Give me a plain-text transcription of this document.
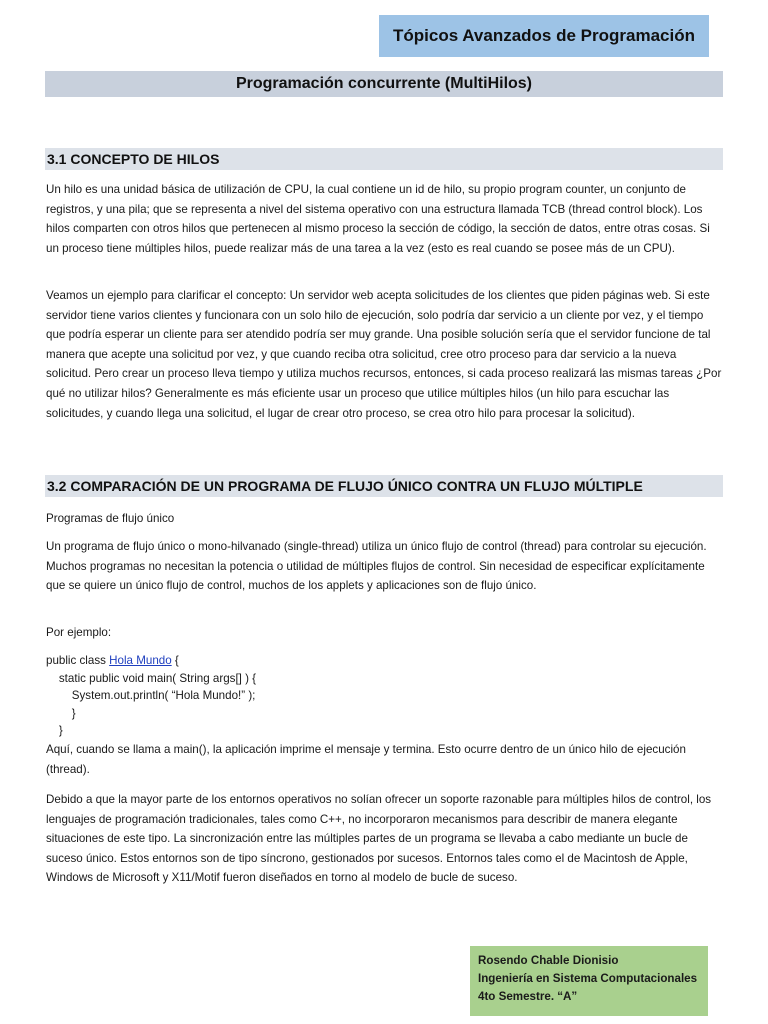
Tópicos Avanzados de Programación
Programación concurrente (MultiHilos)
3.1 CONCEPTO DE HILOS

Un hilo es una unidad básica de utilización de CPU, la cual contiene un id de hilo, su propio program counter, un conjunto de registros, y una pila; que se representa a nivel del sistema operativo con una estructura llamada TCB (thread control block). Los hilos comparten con otros hilos que pertenecen al mismo proceso la sección de código, la sección de datos, entre otras cosas. Si un proceso tiene múltiples hilos, puede realizar más de una tarea a la vez (esto es real cuando se posee más de un CPU).

Veamos un ejemplo para clarificar el concepto: Un servidor web acepta solicitudes de los clientes que piden páginas web. Si este servidor tiene varios clientes y funcionara con un solo hilo de ejecución, solo podría dar servicio a un cliente por vez, y el tiempo que podría esperar un cliente para ser atendido podría ser muy grande. Una posible solución sería que el servidor funcione de tal manera que acepte una solicitud por vez, y que cuando reciba otra solicitud, cree otro proceso para dar servicio a la nueva solicitud. Pero crear un proceso lleva tiempo y utiliza muchos recursos, entonces, si cada proceso realizará las mismas tareas ¿Por qué no utilizar hilos? Generalmente es más eficiente usar un proceso que utilice múltiples hilos (un hilo para escuchar las solicitudes, y cuando llega una solicitud, el lugar de crear otro proceso, se crea otro hilo para procesar la solicitud).

3.2 COMPARACIÓN DE UN PROGRAMA DE FLUJO ÚNICO CONTRA UN FLUJO MÚLTIPLE

Programas de flujo único

Un programa de flujo único o mono-hilvanado (single-thread) utiliza un único flujo de control (thread) para controlar su ejecución. Muchos programas no necesitan la potencia o utilidad de múltiples flujos de control. Sin necesidad de especificar explícitamente que se quiere un único flujo de control, muchos de los applets y aplicaciones son de flujo único.

Por ejemplo:

public class Hola Mundo {
static public void main( String args[] ) {
System.out.println( “Hola Mundo!” );
}
}

Aquí, cuando se llama a main(), la aplicación imprime el mensaje y termina. Esto ocurre dentro de un único hilo de ejecución (thread).

Debido a que la mayor parte de los entornos operativos no solían ofrecer un soporte razonable para múltiples hilos de control, los lenguajes de programación tradicionales, tales como C++, no incorporaron mecanismos para describir de manera elegante situaciones de este tipo. La sincronización entre las múltiples partes de un programa se llevaba a cabo mediante un bucle de suceso único. Estos entornos son de tipo síncrono, gestionados por sucesos. Entornos tales como el de Macintosh de Apple, Windows de Microsoft y X11/Motif fueron diseñados en torno al modelo de bucle de suceso.

Rosendo Chable Dionisio
Ingeniería en Sistema Computacionales
4to Semestre. “A”
